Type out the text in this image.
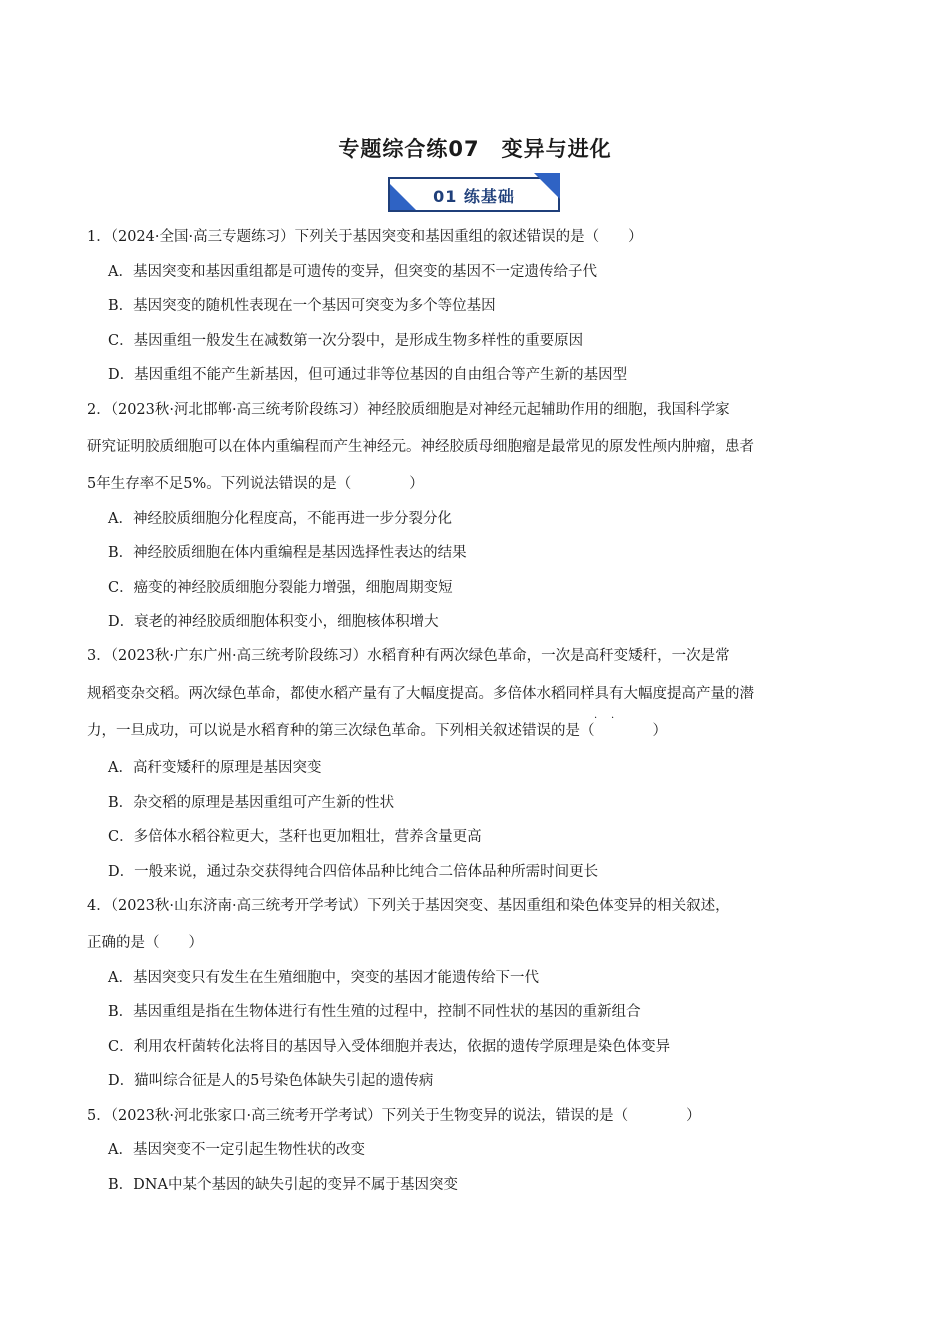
专题综合练07　变异与进化
01 练基础
1．（2024·全国·高三专题练习）下列关于基因突变和基因重组的叙述错误的是（　　）
A．基因突变和基因重组都是可遗传的变异，但突变的基因不一定遗传给子代
B．基因突变的随机性表现在一个基因可突变为多个等位基因
C．基因重组一般发生在减数第一次分裂中，是形成生物多样性的重要原因
D．基因重组不能产生新基因，但可通过非等位基因的自由组合等产生新的基因型
2．（2023秋·河北邯郸·高三统考阶段练习）神经胶质细胞是对神经元起辅助作用的细胞，我国科学家
研究证明胶质细胞可以在体内重编程而产生神经元。神经胶质母细胞瘤是最常见的原发性颅内肿瘤，患者
5年生存率不足5%。下列说法错误的是（　　　　）
A．神经胶质细胞分化程度高，不能再进一步分裂分化
B．神经胶质细胞在体内重编程是基因选择性表达的结果
C．癌变的神经胶质细胞分裂能力增强，细胞周期变短
D．衰老的神经胶质细胞体积变小，细胞核体积增大
3．（2023秋·广东广州·高三统考阶段练习）水稻育种有两次绿色革命，一次是高秆变矮秆，一次是常
规稻变杂交稻。两次绿色革命，都使水稻产量有了大幅度提高。多倍体水稻同样具有大幅度提高产量的潜
· ·
力，一旦成功，可以说是水稻育种的第三次绿色革命。下列相关叙述错误的是（　　　　）
A．高秆变矮秆的原理是基因突变
B．杂交稻的原理是基因重组可产生新的性状
C．多倍体水稻谷粒更大，茎秆也更加粗壮，营养含量更高
D．一般来说，通过杂交获得纯合四倍体品种比纯合二倍体品种所需时间更长
4．（2023秋·山东济南·高三统考开学考试）下列关于基因突变、基因重组和染色体变异的相关叙述，
正确的是（　　）
A．基因突变只有发生在生殖细胞中，突变的基因才能遗传给下一代
B．基因重组是指在生物体进行有性生殖的过程中，控制不同性状的基因的重新组合
C．利用农杆菌转化法将目的基因导入受体细胞并表达，依据的遗传学原理是染色体变异
D．猫叫综合征是人的5号染色体缺失引起的遗传病
5．（2023秋·河北张家口·高三统考开学考试）下列关于生物变异的说法，错误的是（　　　　）
A．基因突变不一定引起生物性状的改变
B．DNA中某个基因的缺失引起的变异不属于基因突变
